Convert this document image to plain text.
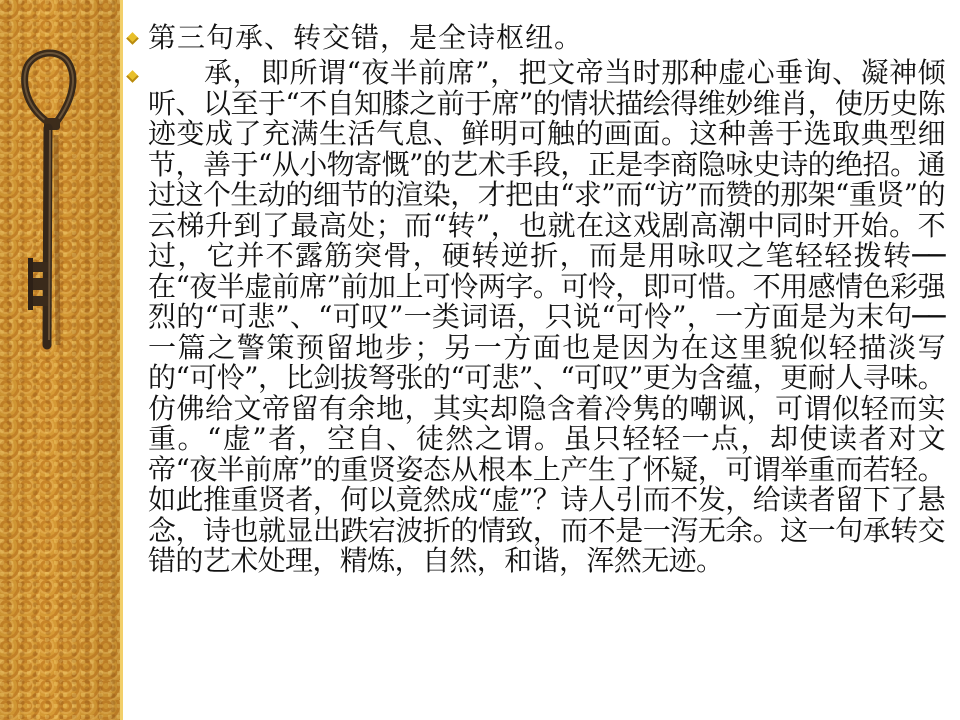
第三句承、转交错，是全诗枢纽。
承，即所谓“夜半前席”，把文帝当时那种虚心垂询、凝神倾听、以至于“不自知膝之前于席”的情状描绘得维妙维肖，使历史陈迹变成了充满生活气息、鲜明可触的画面。这种善于选取典型细节，善于“从小物寄慨”的艺术手段，正是李商隐咏史诗的绝招。通过这个生动的细节的渲染，才把由“求”而“访”而赞的那架“重贤”的云梯升到了最高处；而“转”，也就在这戏剧高潮中同时开始。不过，它并不露筋突骨，硬转逆折，而是用咏叹之笔轻轻拨转──在“夜半虚前席”前加上可怜两字。可怜，即可惜。不用感情色彩强烈的“可悲”、“可叹”一类词语，只说“可怜”，一方面是为末句──一篇之警策预留地步；另一方面也是因为在这里貌似轻描淡写的“可怜”，比剑拔弩张的“可悲”、“可叹”更为含蕴，更耐人寻味。仿佛给文帝留有余地，其实却隐含着冷隽的嘲讽，可谓似轻而实重。“虚”者，空自、徒然之谓。虽只轻轻一点，却使读者对文帝“夜半前席”的重贤姿态从根本上产生了怀疑，可谓举重而若轻。如此推重贤者，何以竟然成“虚”？诗人引而不发，给读者留下了悬念，诗也就显出跌宕波折的情致，而不是一泻无余。这一句承转交错的艺术处理，精炼，自然，和谐，浑然无迹。
